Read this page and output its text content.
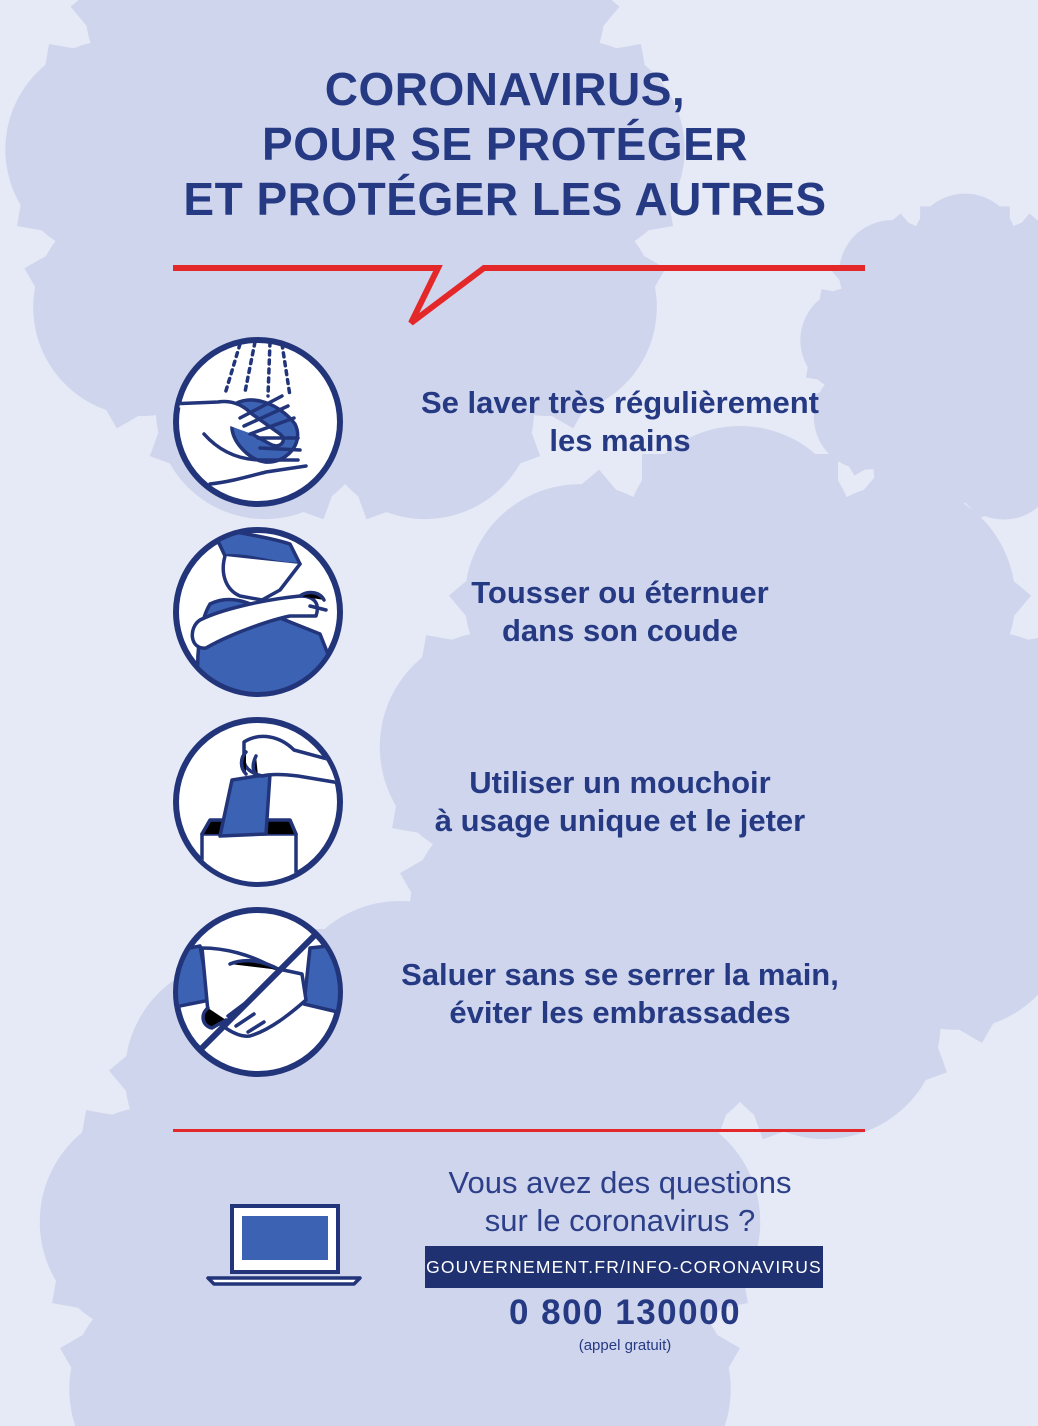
CORONAVIRUS,
POUR SE PROTÉGER
ET PROTÉGER LES AUTRES
Se laver très régulièrement
les mains
Tousser ou éternuer
dans son coude
Utiliser un mouchoir
à usage unique et le jeter
Saluer sans se serrer la main,
éviter les embrassades
Vous avez des questions
sur le coronavirus ?
GOUVERNEMENT.FR/INFO-CORONAVIRUS
0 800 130000
(appel gratuit)
